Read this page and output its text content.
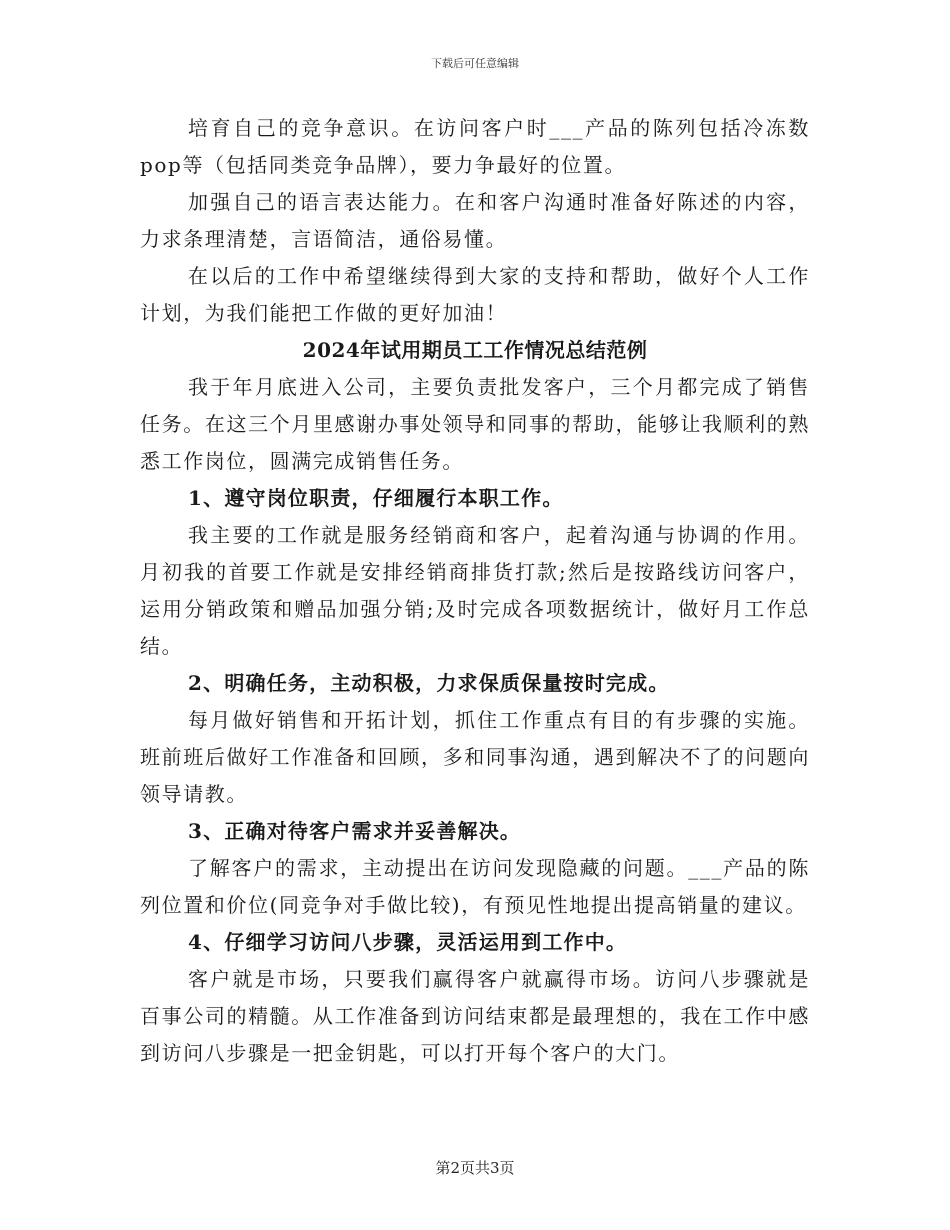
下载后可任意编辑

培育自己的竞争意识。在访问客户时___产品的陈列包括冷冻数pop等（包括同类竞争品牌），要力争最好的位置。

加强自己的语言表达能力。在和客户沟通时准备好陈述的内容，力求条理清楚，言语简洁，通俗易懂。

在以后的工作中希望继续得到大家的支持和帮助，做好个人工作计划，为我们能把工作做的更好加油！

2024年试用期员工工作情况总结范例

我于年月底进入公司，主要负责批发客户，三个月都完成了销售任务。在这三个月里感谢办事处领导和同事的帮助，能够让我顺利的熟悉工作岗位，圆满完成销售任务。

1、遵守岗位职责，仔细履行本职工作。

我主要的工作就是服务经销商和客户，起着沟通与协调的作用。月初我的首要工作就是安排经销商排货打款;然后是按路线访问客户，运用分销政策和赠品加强分销;及时完成各项数据统计，做好月工作总结。

2、明确任务，主动积极，力求保质保量按时完成。

每月做好销售和开拓计划，抓住工作重点有目的有步骤的实施。班前班后做好工作准备和回顾，多和同事沟通，遇到解决不了的问题向领导请教。

3、正确对待客户需求并妥善解决。

了解客户的需求，主动提出在访问发现隐藏的问题。___产品的陈列位置和价位(同竞争对手做比较)，有预见性地提出提高销量的建议。

4、仔细学习访问八步骤，灵活运用到工作中。

客户就是市场，只要我们赢得客户就赢得市场。访问八步骤就是百事公司的精髓。从工作准备到访问结束都是最理想的，我在工作中感到访问八步骤是一把金钥匙，可以打开每个客户的大门。

第2页共3页
